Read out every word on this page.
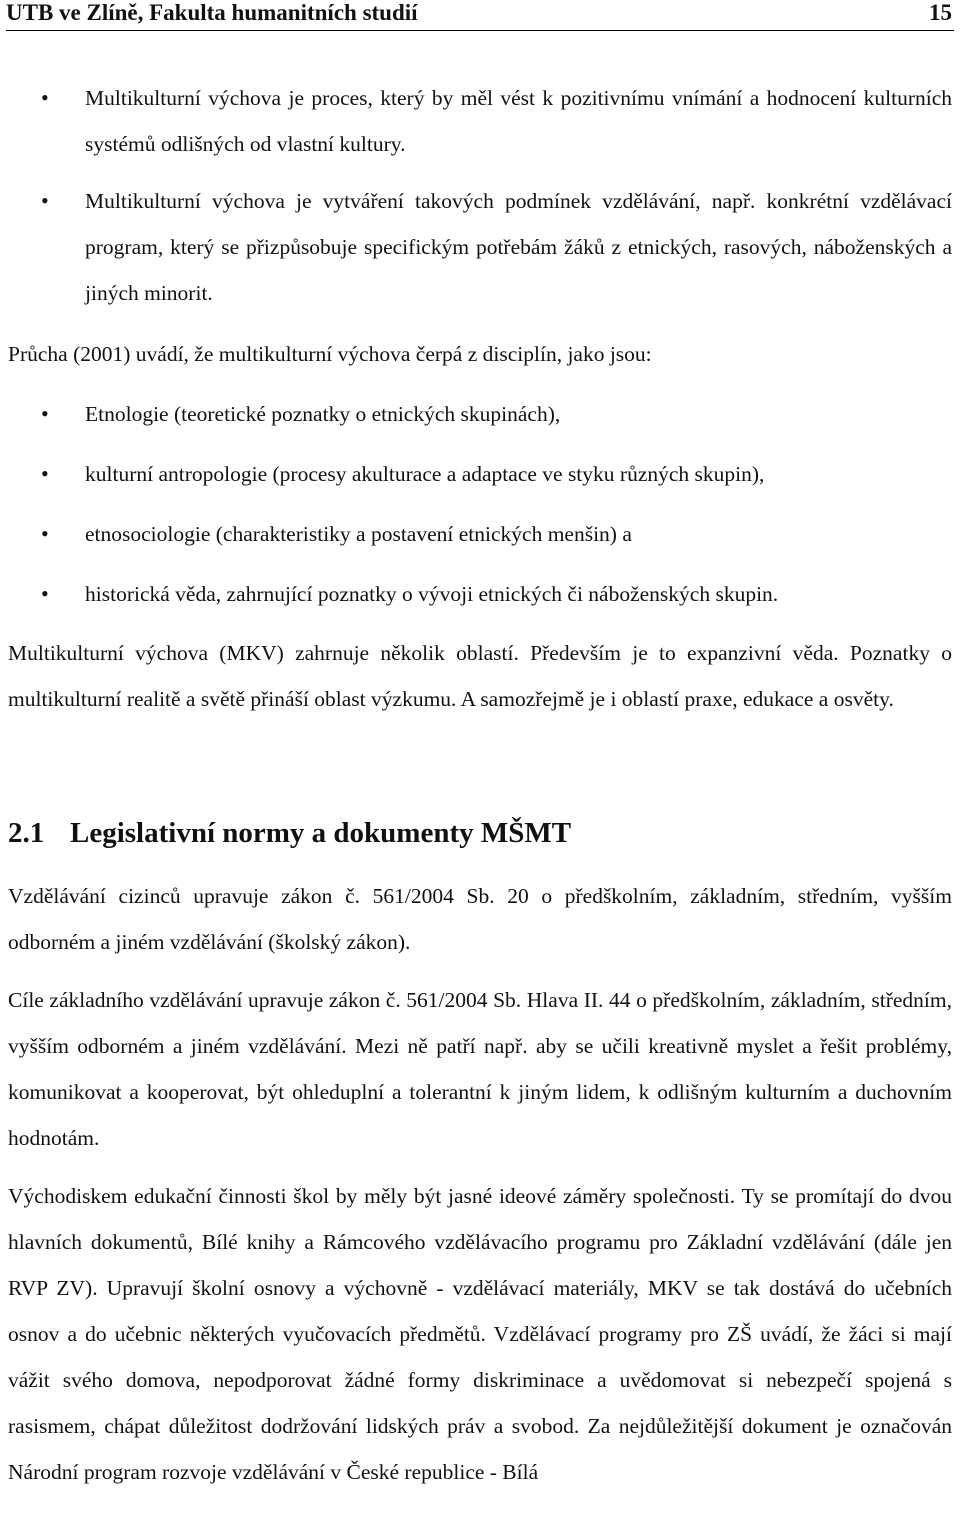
UTB ve Zlíně, Fakulta humanitních studií	15
• Multikulturní výchova je proces, který by měl vést k pozitivnímu vnímání a hodnocení kulturních systémů odlišných od vlastní kultury.
• Multikulturní výchova je vytváření takových podmínek vzdělávání, např. konkrétní vzdělávací program, který se přizpůsobuje specifickým potřebám žáků z etnických, rasových, náboženských a jiných minorit.
Průcha (2001) uvádí, že multikulturní výchova čerpá z disciplín, jako jsou:
• Etnologie (teoretické poznatky o etnických skupinách),
• kulturní antropologie (procesy akulturace a adaptace ve styku různých skupin),
• etnosociologie (charakteristiky a postavení etnických menšin) a
• historická věda, zahrnující poznatky o vývoji etnických či náboženských skupin.
Multikulturní výchova (MKV) zahrnuje několik oblastí. Především je to expanzivní věda. Poznatky o multikulturní realitě a světě přináší oblast výzkumu. A samozřejmě je i oblastí praxe, edukace a osvěty.
2.1 Legislativní normy a dokumenty MŠMT
Vzdělávání cizinců upravuje zákon č. 561/2004 Sb. 20 o předškolním, základním, středním, vyšším odborném a jiném vzdělávání (školský zákon).
Cíle základního vzdělávání upravuje zákon č. 561/2004 Sb. Hlava II. 44 o předškolním, základním, středním, vyšším odborném a jiném vzdělávání. Mezi ně patří např. aby se učili kreativně myslet a řešit problémy, komunikovat a kooperovat, být ohleduplní a tolerantní k jiným lidem, k odlišným kulturním a duchovním hodnotám.
Východiskem edukační činnosti škol by měly být jasné ideové záměry společnosti. Ty se promítají do dvou hlavních dokumentů, Bílé knihy a Rámcového vzdělávacího programu pro Základní vzdělávání (dále jen RVP ZV). Upravují školní osnovy a výchovně - vzdělávací materiály, MKV se tak dostává do učebních osnov a do učebnic některých vyučovacích předmětů. Vzdělávací programy pro ZŠ uvádí, že žáci si mají vážit svého domova, nepodporovat žádné formy diskriminace a uvědomovat si nebezpečí spojená s rasismem, chápat důležitost dodržování lidských práv a svobod. Za nejdůležitější dokument je označován Národní program rozvoje vzdělávání v České republice - Bílá
